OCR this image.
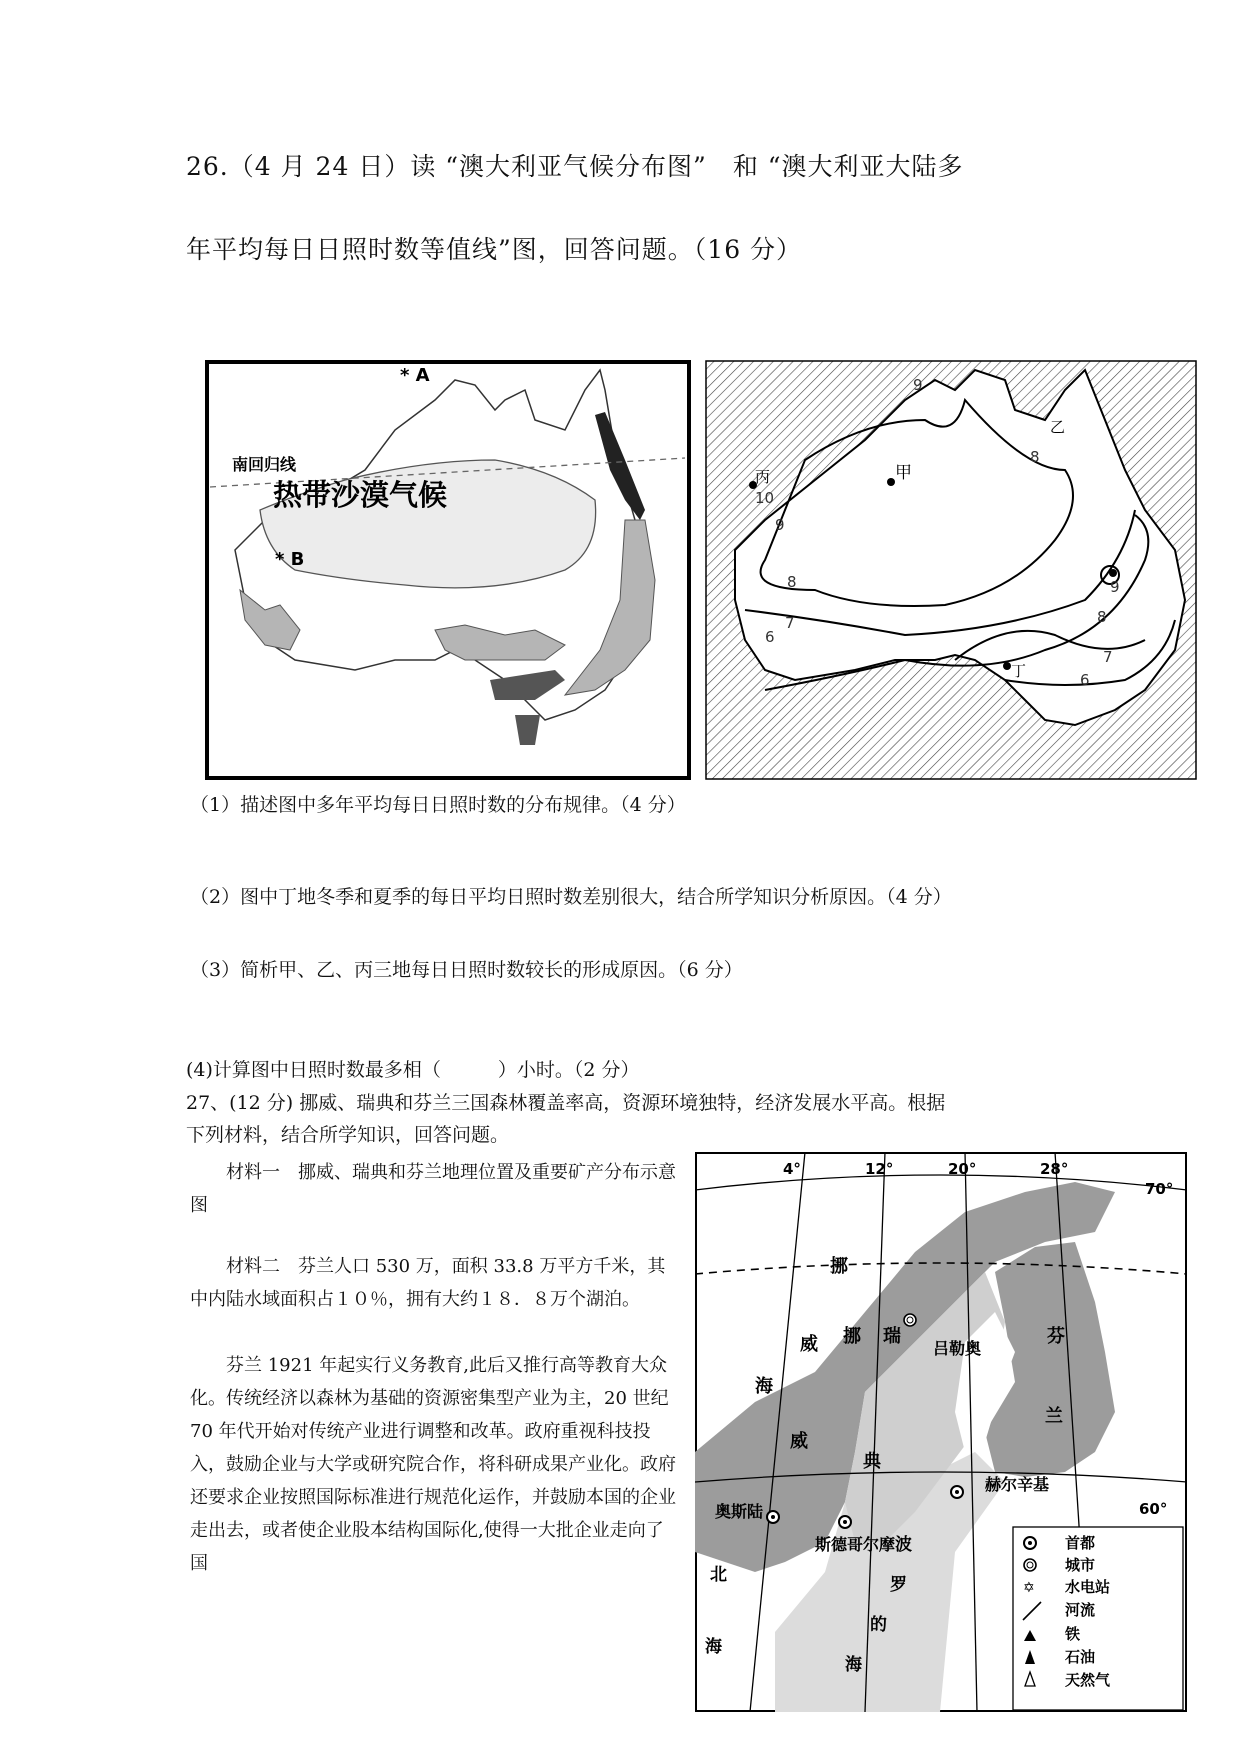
26.（4 月 24 日）读 “澳大利亚气候分布图”　和 “澳大利亚大陆多
年平均每日日照时数等值线”图，回答问题。（16 分）
* A
南回归线
热带沙漠气候
* B
甲
丙
丁
乙
9
8
10
9
8
7
6
9
8
7
6
（1）描述图中多年平均每日日照时数的分布规律。（4 分）
（2）图中丁地冬季和夏季的每日平均日照时数差别很大，结合所学知识分析原因。（4 分）
（3）简析甲、乙、丙三地每日日照时数较长的形成原因。（6 分）
(4)计算图中日照时数最多相（　　　）小时。（2 分）
27、(12 分) 挪威、瑞典和芬兰三国森林覆盖率高，资源环境独特，经济发展水平高。根据
下列材料，结合所学知识，回答问题。
材料一　挪威、瑞典和芬兰地理位置及重要矿产分布示意图
材料二　芬兰人口 530 万，面积 33.8 万平方千米，其中内陆水域面积占１０％，拥有大约１８．８万个湖泊。
芬兰 1921 年起实行义务教育,此后又推行高等教育大众化。传统经济以森林为基础的资源密集型产业为主，20 世纪 70 年代开始对传统产业进行调整和改革。政府重视科技投入，鼓励企业与大学或研究院合作，将科研成果产业化。政府还要求企业按照国际标准进行规范化运作，并鼓励本国的企业走出去，或者使企业股本结构国际化,使得一大批企业走向了国
4°	12°	20°	28°
70°
60°
挪
威
海
挪
威
瑞
典
芬
兰
吕勒奥
赫尔辛基
奥斯陆
斯德哥尔摩
北
海
波
罗
的
海
首都
城市
✡ 水电站
河流
铁
石油
天然气
